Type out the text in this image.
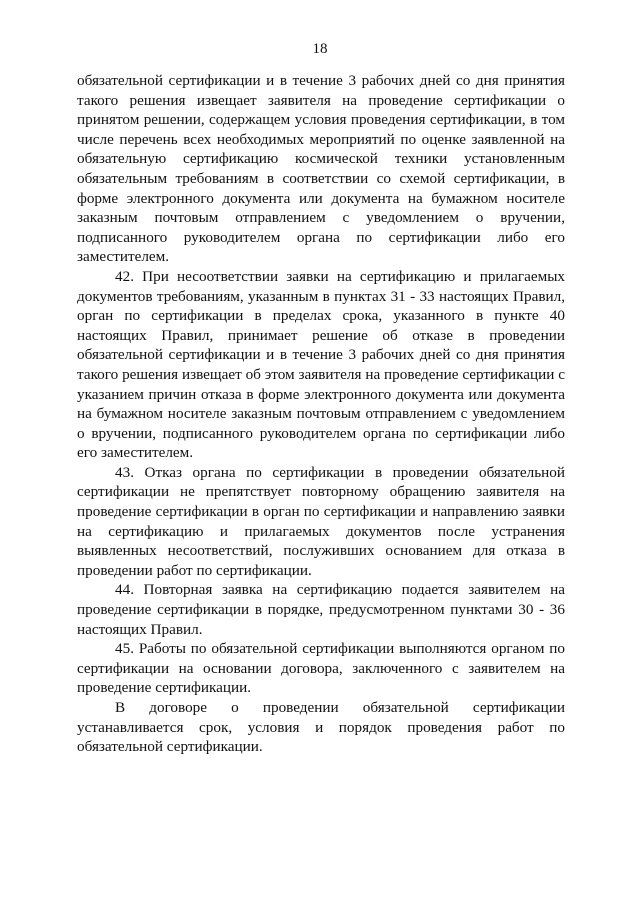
18

обязательной сертификации и в течение 3 рабочих дней со дня принятия такого решения извещает заявителя на проведение сертификации о принятом решении, содержащем условия проведения сертификации, в том числе перечень всех необходимых мероприятий по оценке заявленной на обязательную сертификацию космической техники установленным обязательным требованиям в соответствии со схемой сертификации, в форме электронного документа или документа на бумажном носителе заказным почтовым отправлением с уведомлением о вручении, подписанного руководителем органа по сертификации либо его заместителем.

42. При несоответствии заявки на сертификацию и прилагаемых документов требованиям, указанным в пунктах 31 - 33 настоящих Правил, орган по сертификации в пределах срока, указанного в пункте 40 настоящих Правил, принимает решение об отказе в проведении обязательной сертификации и в течение 3 рабочих дней со дня принятия такого решения извещает об этом заявителя на проведение сертификации с указанием причин отказа в форме электронного документа или документа на бумажном носителе заказным почтовым отправлением с уведомлением о вручении, подписанного руководителем органа по сертификации либо его заместителем.

43. Отказ органа по сертификации в проведении обязательной сертификации не препятствует повторному обращению заявителя на проведение сертификации в орган по сертификации и направлению заявки на сертификацию и прилагаемых документов после устранения выявленных несоответствий, послуживших основанием для отказа в проведении работ по сертификации.

44. Повторная заявка на сертификацию подается заявителем на проведение сертификации в порядке, предусмотренном пунктами 30 - 36 настоящих Правил.

45. Работы по обязательной сертификации выполняются органом по сертификации на основании договора, заключенного с заявителем на проведение сертификации.

В договоре о проведении обязательной сертификации устанавливается срок, условия и порядок проведения работ по обязательной сертификации.
